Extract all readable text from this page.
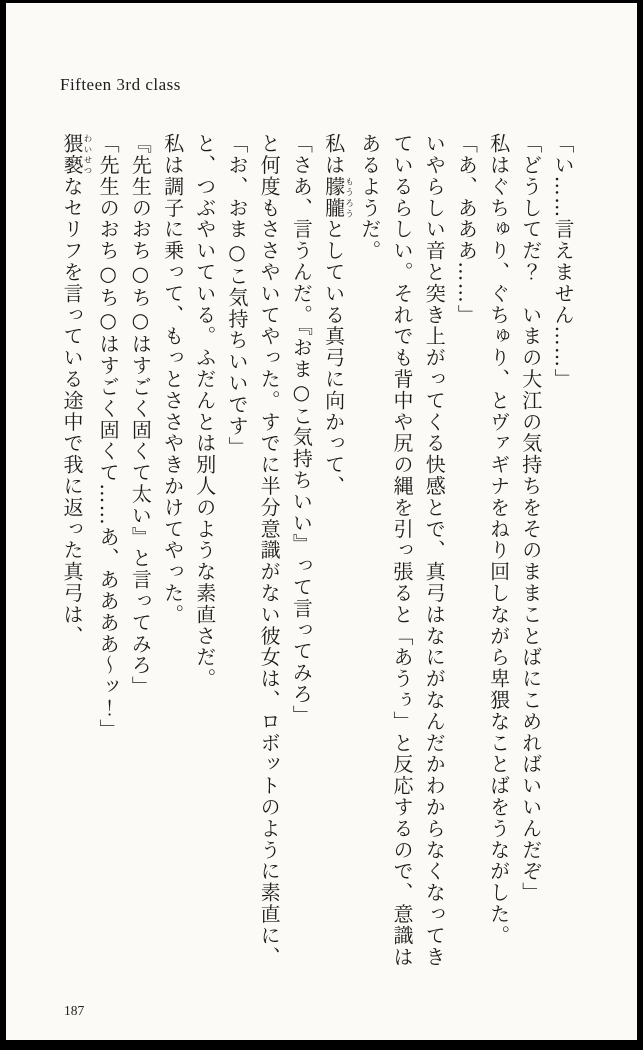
Fifteen 3rd class

「い……言えません……」

「どうしてだ？　いまの大江の気持ちをそのままことばにこめればいいんだぞ」

私はぐちゅり、ぐちゅり、とヴァギナをねり回しながら卑猥なことばをうながした。

「あ、あああ……」

いやらしい音と突き上がってくる快感とで、真弓はなにがなんだかわからなくなってきているらしい。それでも背中や尻の縄を引っ張ると「あうぅ」と反応するので、意識はあるようだ。

私は朦朧もうろうとしている真弓に向かって、

「さあ、言うんだ。『おま○こ気持ちいい』って言ってみろ」

と何度もささやいてやった。すでに半分意識がない彼女は、ロボットのように素直に、

「お、おま○こ気持ちいいです」

と、つぶやいている。ふだんとは別人のような素直さだ。

私は調子に乗って、もっとささやきかけてやった。

『先生のおち○ち○はすごく固くて太い』と言ってみろ」

「先生のおち○ち○はすごく固くて……あ、ああああ～ッ！」

猥褻わいせつなセリフを言っている途中で我に返った真弓は、

187
